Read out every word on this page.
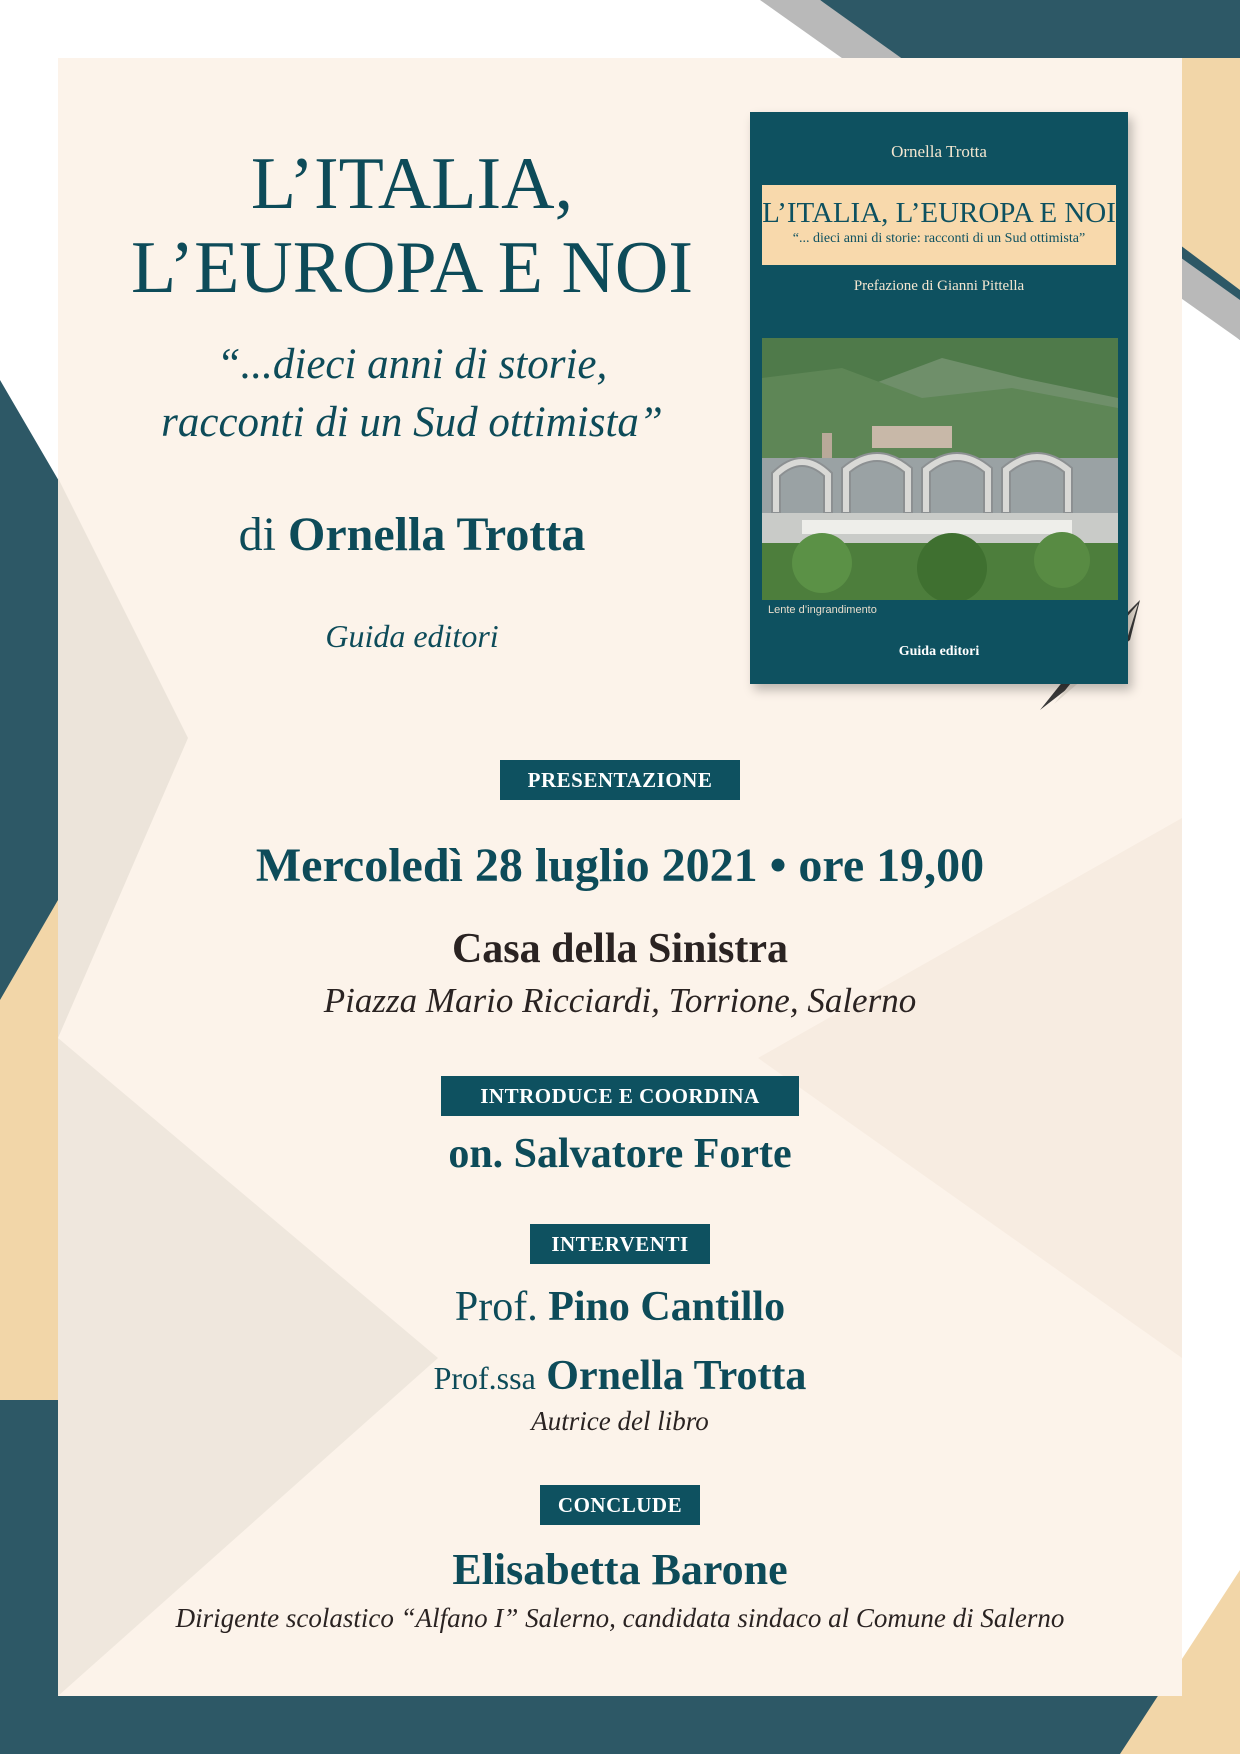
L’ITALIA,
L’EUROPA E NOI
“...dieci anni di storie,
racconti di un Sud ottimista”
di Ornella Trotta
Guida editori
Ornella Trotta
L’ITALIA, L’EUROPA E NOI
“... dieci anni di storie: racconti di un Sud ottimista”
Prefazione di Gianni Pittella
Lente d’ingrandimento
Guida editori
PRESENTAZIONE
Mercoledì 28 luglio 2021 • ore 19,00
Casa della Sinistra
Piazza Mario Ricciardi, Torrione, Salerno
INTRODUCE E COORDINA
on. Salvatore Forte
INTERVENTI
Prof. Pino Cantillo
Prof.ssa Ornella Trotta
Autrice del libro
CONCLUDE
Elisabetta Barone
Dirigente scolastico “Alfano I” Salerno, candidata sindaco al Comune di Salerno
